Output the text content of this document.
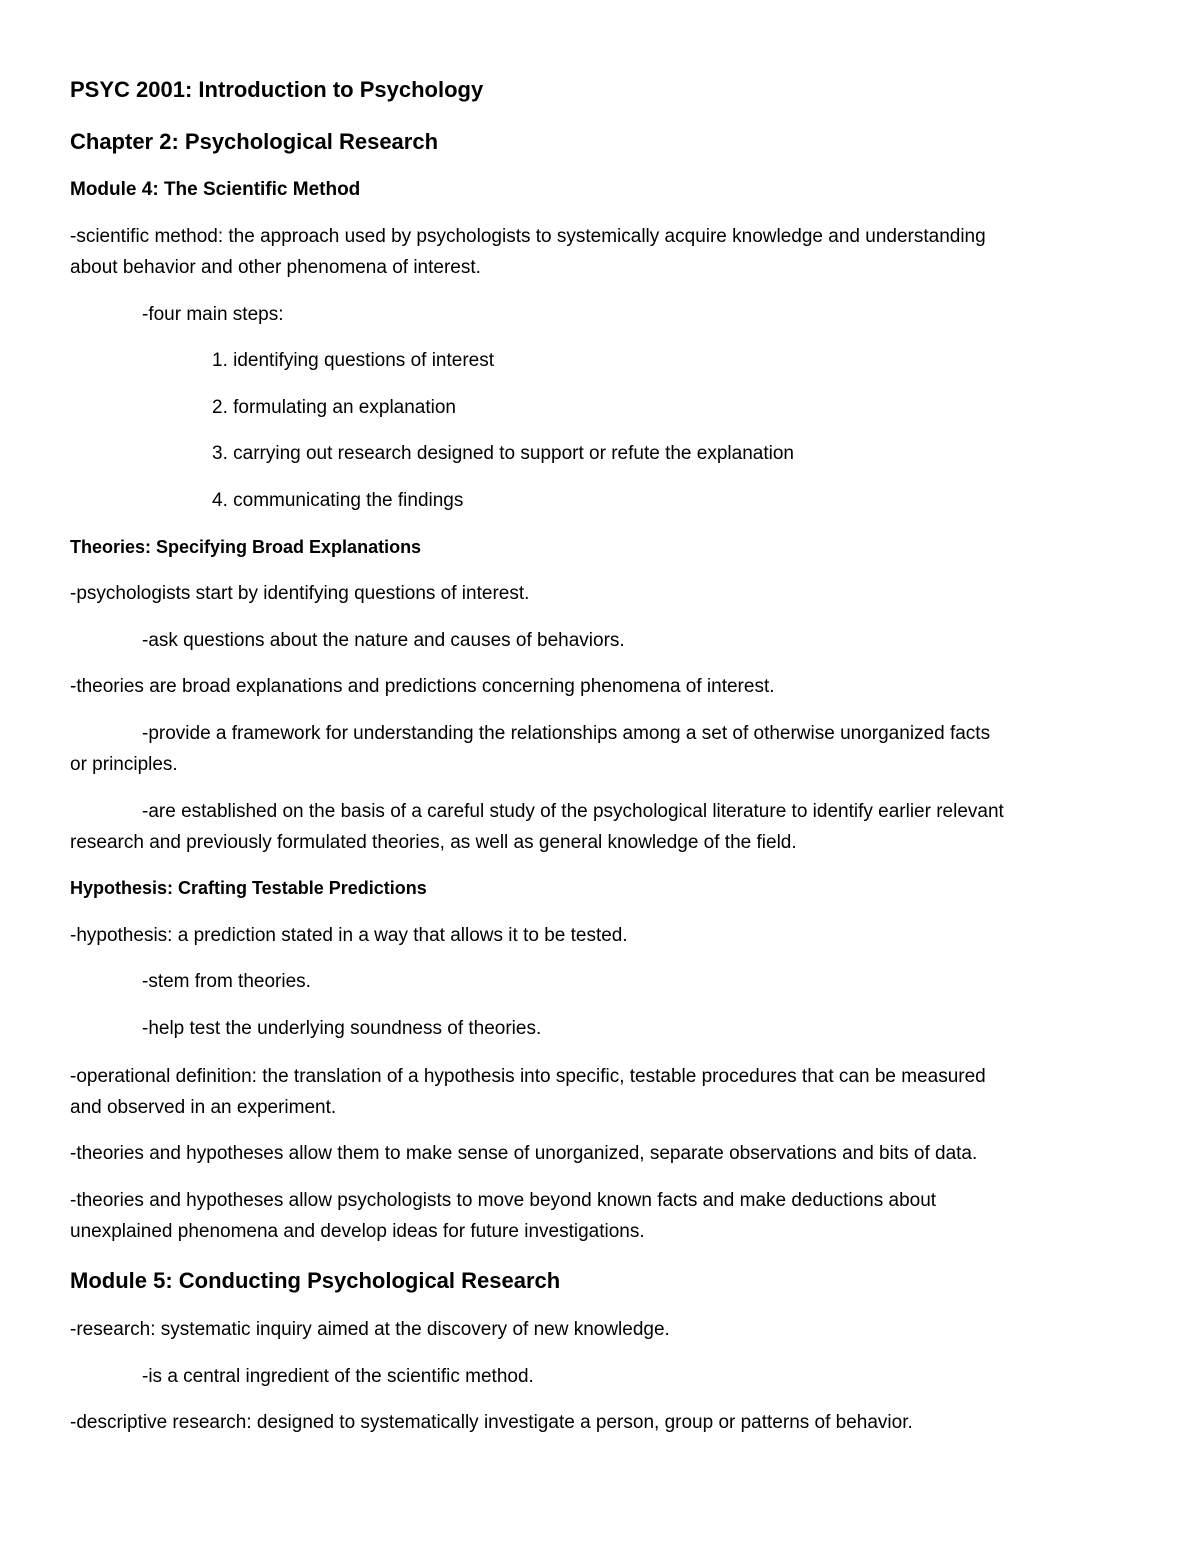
PSYC 2001: Introduction to Psychology

Chapter 2: Psychological Research

Module 4: The Scientific Method

-scientific method: the approach used by psychologists to systemically acquire knowledge and understanding

about behavior and other phenomena of interest.

-four main steps:

1. identifying questions of interest

2. formulating an explanation

3. carrying out research designed to support or refute the explanation

4. communicating the findings

Theories: Specifying Broad Explanations

-psychologists start by identifying questions of interest.

-ask questions about the nature and causes of behaviors.

-theories are broad explanations and predictions concerning phenomena of interest.

-provide a framework for understanding the relationships among a set of otherwise unorganized facts

or principles.

-are established on the basis of a careful study of the psychological literature to identify earlier relevant

research and previously formulated theories, as well as general knowledge of the field.

Hypothesis: Crafting Testable Predictions

-hypothesis: a prediction stated in a way that allows it to be tested.

-stem from theories.

-help test the underlying soundness of theories.

-operational definition: the translation of a hypothesis into specific, testable procedures that can be measured

and observed in an experiment.

-theories and hypotheses allow them to make sense of unorganized, separate observations and bits of data.

-theories and hypotheses allow psychologists to move beyond known facts and make deductions about

unexplained phenomena and develop ideas for future investigations.

Module 5: Conducting Psychological Research

-research: systematic inquiry aimed at the discovery of new knowledge.

-is a central ingredient of the scientific method.

-descriptive research: designed to systematically investigate a person, group or patterns of behavior.
